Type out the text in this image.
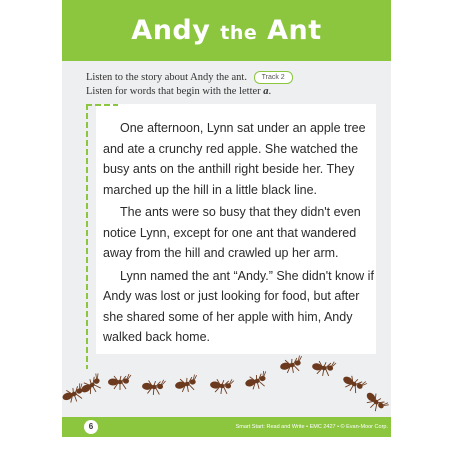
Andy the Ant
Listen to the story about Andy the ant. Track 2
Listen for words that begin with the letter a.

One afternoon, Lynn sat under an apple tree and ate a crunchy red apple. She watched the busy ants on the anthill right beside her. They marched up the hill in a little black line.

The ants were so busy that they didn't even notice Lynn, except for one ant that wandered away from the hill and crawled up her arm.

Lynn named the ant “Andy.” She didn't know if Andy was lost or just looking for food, but after she shared some of her apple with him, Andy walked back home.

6	Smart Start: Read and Write • EMC 2427 • © Evan-Moor Corp.
